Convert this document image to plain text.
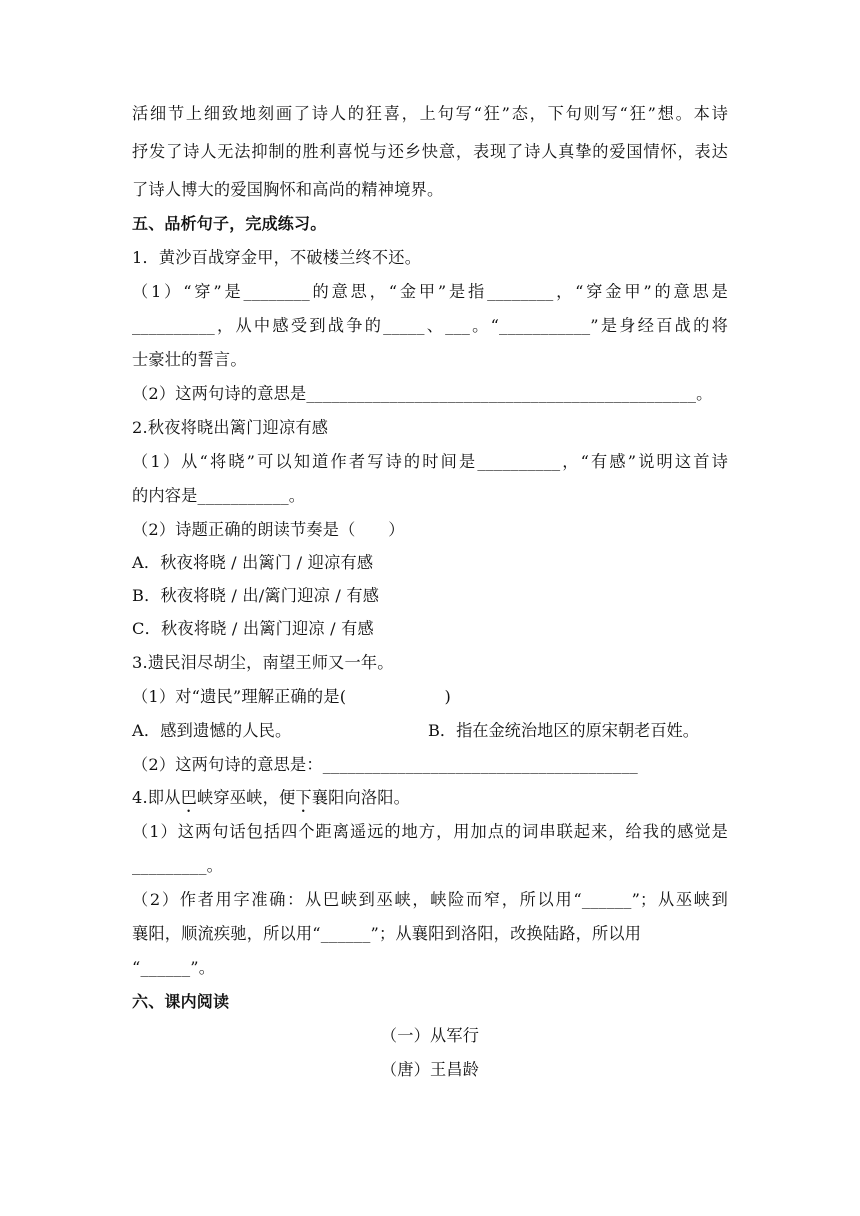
活细节上细致地刻画了诗人的狂喜，上句写“狂”态，下句则写“狂”想。本诗
抒发了诗人无法抑制的胜利喜悦与还乡快意，表现了诗人真挚的爱国情怀，表达
了诗人博大的爱国胸怀和高尚的精神境界。
五、品析句子，完成练习。
1．黄沙百战穿金甲，不破楼兰终不还。
（1）“穿”是________的意思，“金甲”是指________，“穿金甲”的意思是
__________，从中感受到战争的_____、___。“___________”是身经百战的将
士豪壮的誓言。
（2）这两句诗的意思是_______________________________________________。
2.秋夜将晓出篱门迎凉有感
（1）从“将晓”可以知道作者写诗的时间是__________，“有感”说明这首诗
的内容是___________。
（2）诗题正确的朗读节奏是（　　）
A．秋夜将晓 / 出篱门 / 迎凉有感
B．秋夜将晓 / 出/篱门迎凉 / 有感
C．秋夜将晓 / 出篱门迎凉 / 有感
3.遗民泪尽胡尘，南望王师又一年。
（1）对“遗民”理解正确的是(　　　　　　)
A．感到遗憾的人民。	B．指在金统治地区的原宋朝老百姓。
（2）这两句诗的意思是：______________________________________
4.即从巴峡穿巫峡，便下襄阳向洛阳。
（1）这两句话包括四个距离遥远的地方，用加点的词串联起来，给我的感觉是
_________。
（2）作者用字准确：从巴峡到巫峡，峡险而窄，所以用“______”；从巫峡到
襄阳，顺流疾驰，所以用“______”；从襄阳到洛阳，改换陆路，所以用
“______”。
六、课内阅读
（一）从军行
（唐）王昌龄
